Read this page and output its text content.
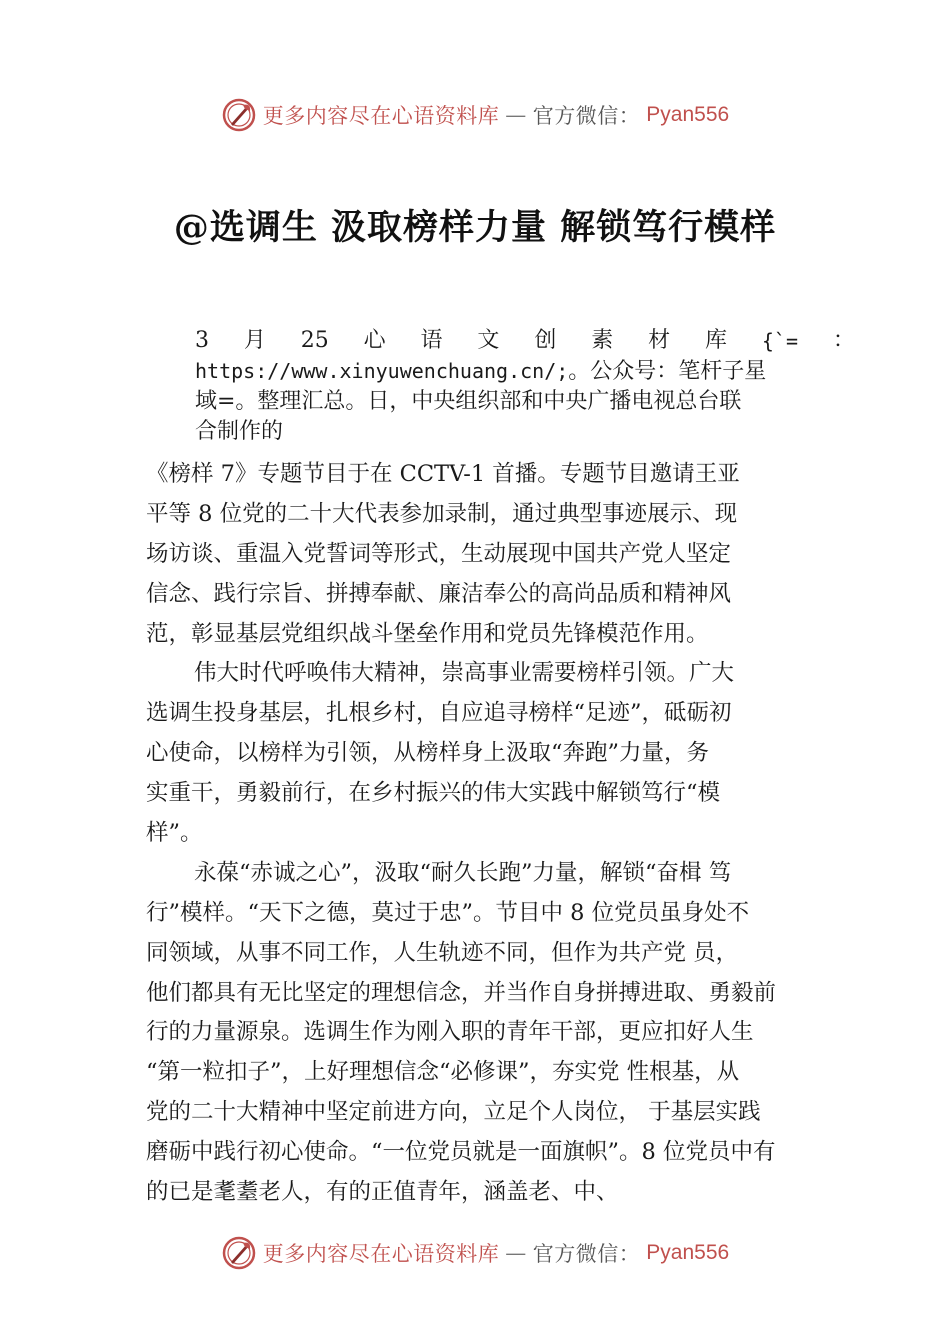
更多内容尽在心语资料库 — 官方微信： Pyan556
@选调生 汲取榜样力量 解锁笃行模样
3 月 25 心 语 文 创 素 材 库 {`= ：
https://www.xinyuwenchuang.cn/;。公众号：笔杆子星
域=。整理汇总。日，中央组织部和中央广播电视总台联
合制作的
《榜样 7》专题节目于在 CCTV-1 首播。专题节目邀请王亚
平等 8 位党的二十大代表参加录制，通过典型事迹展示、现
场访谈、重温入党誓词等形式，生动展现中国共产党人坚定
信念、践行宗旨、拼搏奉献、廉洁奉公的高尚品质和精神风
范，彰显基层党组织战斗堡垒作用和党员先锋模范作用。
伟大时代呼唤伟大精神，崇高事业需要榜样引领。广大
选调生投身基层，扎根乡村，自应追寻榜样“足迹”，砥砺初
心使命，以榜样为引领，从榜样身上汲取“奔跑”力量，务
实重干，勇毅前行，在乡村振兴的伟大实践中解锁笃行“模
样”。
永葆“赤诚之心”，汲取“耐久长跑”力量，解锁“奋楫 笃
行”模样。“天下之德，莫过于忠”。节目中 8 位党员虽身处不
同领域，从事不同工作，人生轨迹不同，但作为共产党 员，
他们都具有无比坚定的理想信念，并当作自身拼搏进取、勇毅前
行的力量源泉。选调生作为刚入职的青年干部，更应扣好人生
“第一粒扣子”，上好理想信念“必修课”，夯实党 性根基，从
党的二十大精神中坚定前进方向，立足个人岗位， 于基层实践
磨砺中践行初心使命。“一位党员就是一面旗帜”。8 位党员中有
的已是耄耋老人，有的正值青年，涵盖老、中、
更多内容尽在心语资料库 — 官方微信： Pyan556
